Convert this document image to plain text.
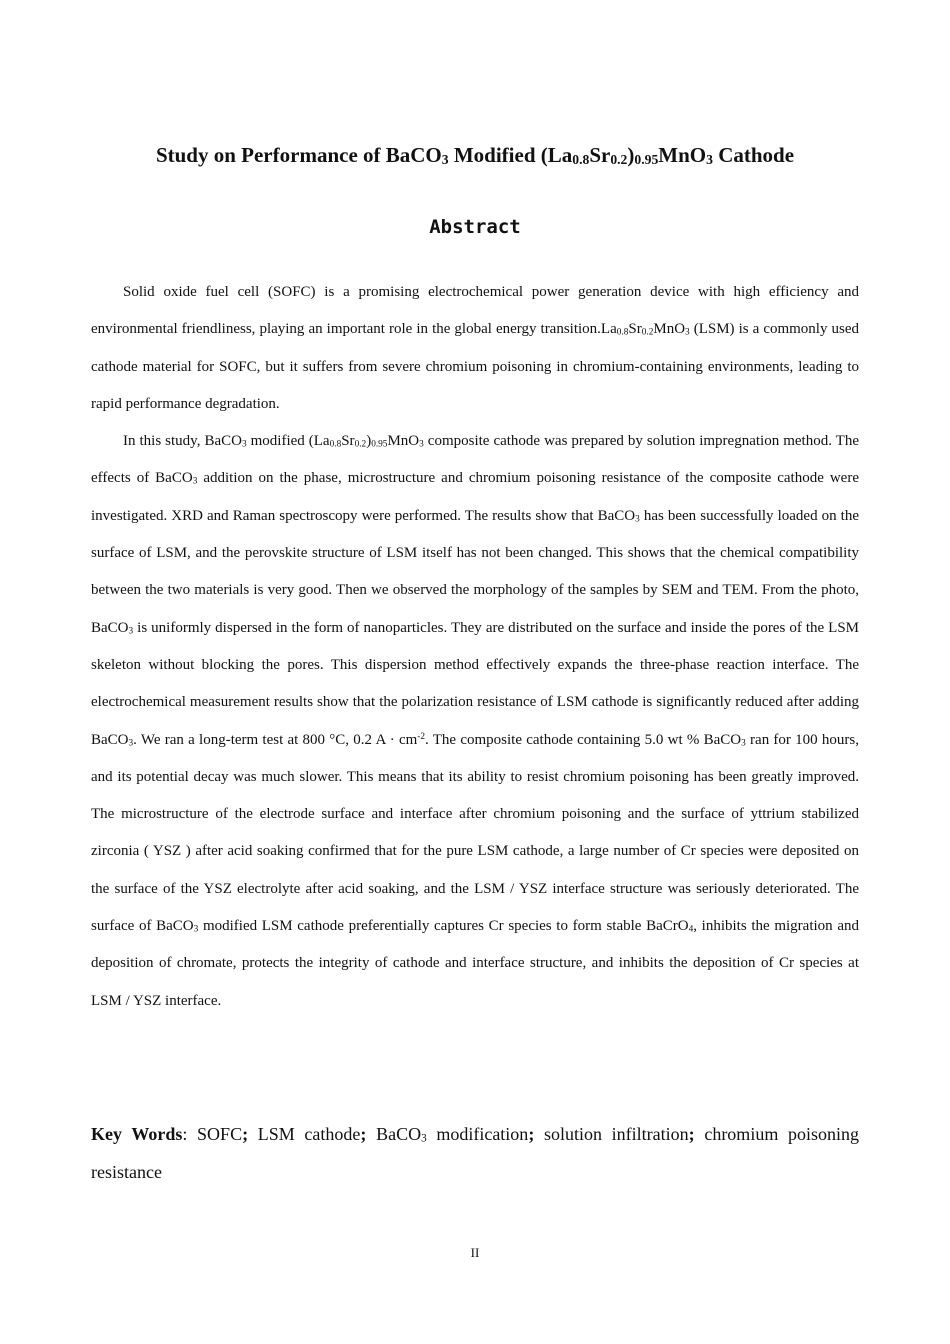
Study on Performance of BaCO$_3$ Modified $(La_{0.8}Sr_{0.2})_{0.95}MnO_3$ Cathode
Abstract

Solid oxide fuel cell (SOFC) is a promising electrochemical power generation device with high efficiency and environmental friendliness, playing an important role in the global energy $transition.La_{0.8}Sr_{0.2}MnO_3$ (LSM) is a commonly used cathode material for SOFC, but it suffers from severe chromium poisoning in chromium-containing environments, leading to rapid performance degradation.

In this study, BaCO$_3$ modified $(La_{0.8}Sr_{0.2})_{0.95}MnO_3$ composite cathode was prepared by solution impregnation method. The effects of BaCO$_3$ addition on the phase, microstructure and chromium poisoning resistance of the composite cathode were investigated. XRD and Raman spectroscopy were performed. The results show that BaCO$_3$ has been successfully loaded on the surface of LSM, and the perovskite structure of LSM itself has not been changed. This shows that the chemical compatibility between the two materials is very good. Then we observed the morphology of the samples by SEM and TEM. From the photo, BaCO$_3$ is uniformly dispersed in the form of nanoparticles. They are distributed on the surface and inside the pores of the LSM skeleton without blocking the pores. This dispersion method effectively expands the three-phase reaction interface. The electrochemical measurement results show that the polarization resistance of LSM cathode is significantly reduced after adding BaCO$_3$. We ran a long-term test at 800 °C, 0.2 $A \cdot cm^{-2}$. The composite cathode containing 5.0 wt % BaCO$_3$ ran for 100 hours, and its potential decay was much slower. This means that its ability to resist chromium poisoning has been greatly improved. The microstructure of the electrode surface and interface after chromium poisoning and the surface of yttrium stabilized zirconia ( YSZ ) after acid soaking confirmed that for the pure LSM cathode, a large number of Cr species were deposited on the surface of the YSZ electrolyte after acid soaking, and the LSM / YSZ interface structure was seriously deteriorated. The surface of BaCO$_3$ modified LSM cathode preferentially captures Cr species to form stable BaCrO$_4$, inhibits the migration and deposition of chromate, protects the integrity of cathode and interface structure, and inhibits the deposition of Cr species at LSM / YSZ interface.

Key Words: SOFC; LSM cathode; BaCO$_3$ modification; solution infiltration; chromium poisoning resistance

II
